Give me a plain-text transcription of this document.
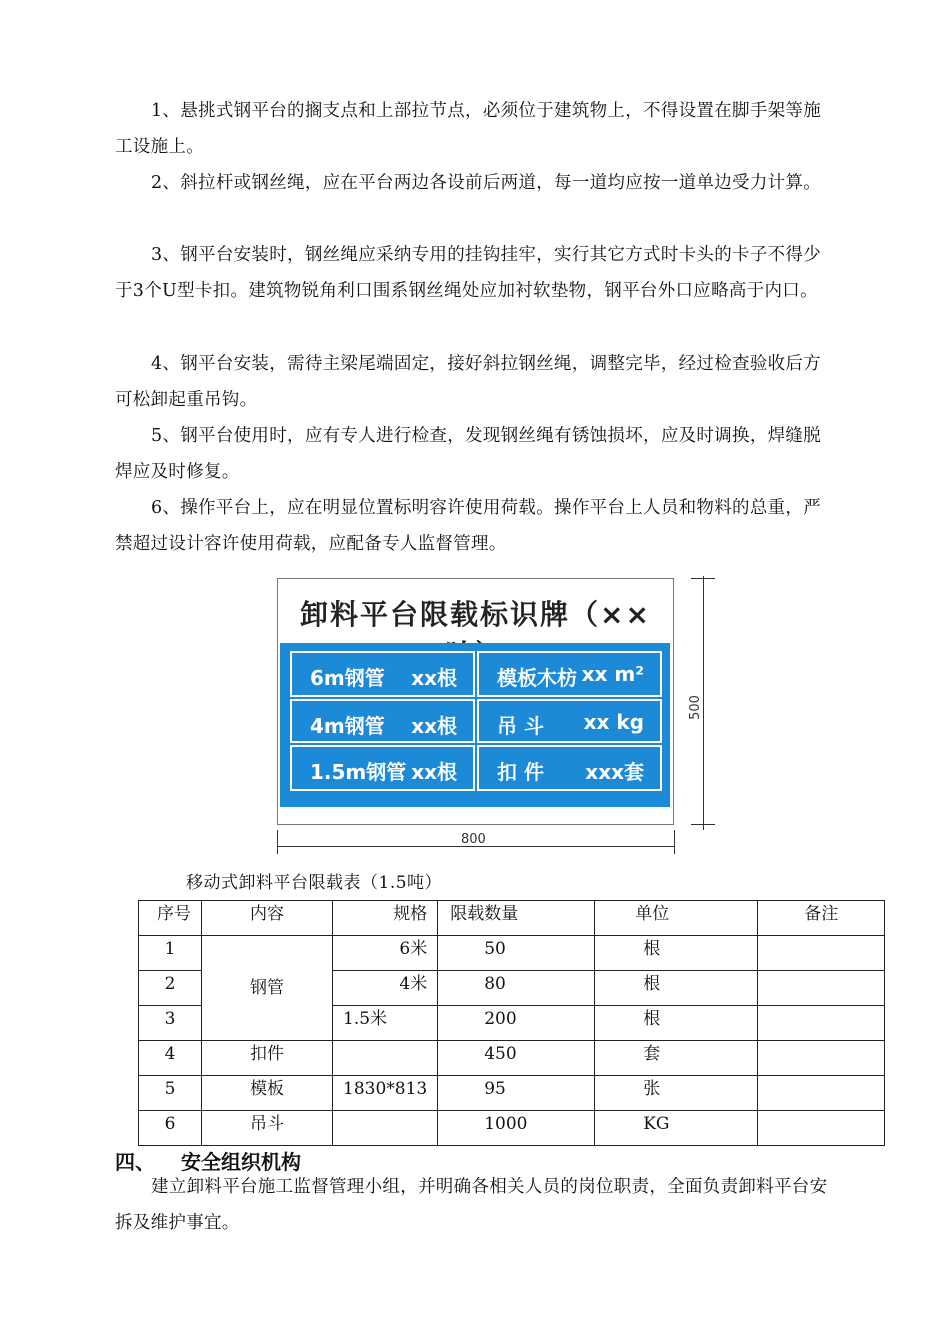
1、悬挑式钢平台的搁支点和上部拉节点，必须位于建筑物上，不得设置在脚手架等施工设施上。

2、斜拉杆或钢丝绳，应在平台两边各设前后两道，每一道均应按一道单边受力计算。

3、钢平台安装时，钢丝绳应采纳专用的挂钩挂牢，实行其它方式时卡头的卡子不得少于3个U型卡扣。建筑物锐角利口围系钢丝绳处应加衬软垫物，钢平台外口应略高于内口。

4、钢平台安装，需待主梁尾端固定，接好斜拉钢丝绳，调整完毕，经过检查验收后方可松卸起重吊钩。

5、钢平台使用时，应有专人进行检查，发现钢丝绳有锈蚀损坏，应及时调换，焊缝脱焊应及时修复。

6、操作平台上，应在明显位置标明容许使用荷载。操作平台上人员和物料的总重，严禁超过设计容许使用荷载，应配备专人监督管理。

卸料平台限载标识牌（××
6m钢管 xx根 模板木枋 xx m²
4m钢管 xx根 吊 斗 xx kg
1.5m钢管 xx根 扣 件 xxx套
800
500
移动式卸料平台限载表（1.5吨）
序号	内容	规格	限载数量	单位	备注
1	钢管	6米	50	根	
2		4米	80	根	
3		1.5米	200	根	
4	扣件		450	套	
5	模板	1830*813	95	张	
6	吊斗		1000	KG	
四、 安全组织机构

建立卸料平台施工监督管理小组，并明确各相关人员的岗位职责，全面负责卸料平台安拆及维护事宜。
